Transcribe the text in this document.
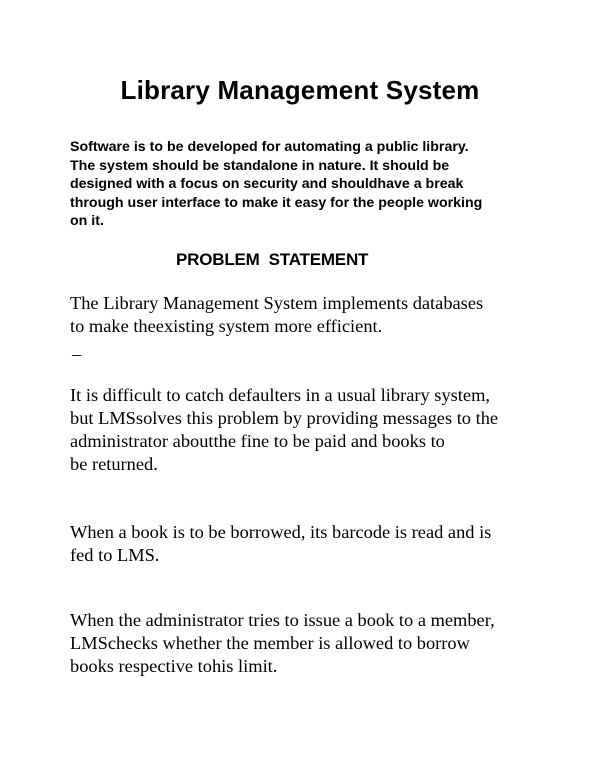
Library Management System

Software is to be developed for automating a public library.
The system should be standalone in nature. It should be
designed with a focus on security and shouldhave a break
through user interface to make it easy for the people working
on it.

PROBLEM  STATEMENT

The Library Management System implements databases
to make theexisting system more efficient.

–

It is difficult to catch defaulters in a usual library system,
but LMSsolves this problem by providing messages to the
administrator aboutthe fine to be paid and books to
be returned.

When a book is to be borrowed, its barcode is read and is
fed to LMS.

When the administrator tries to issue a book to a member,
LMSchecks whether the member is allowed to borrow
books respective tohis limit.
